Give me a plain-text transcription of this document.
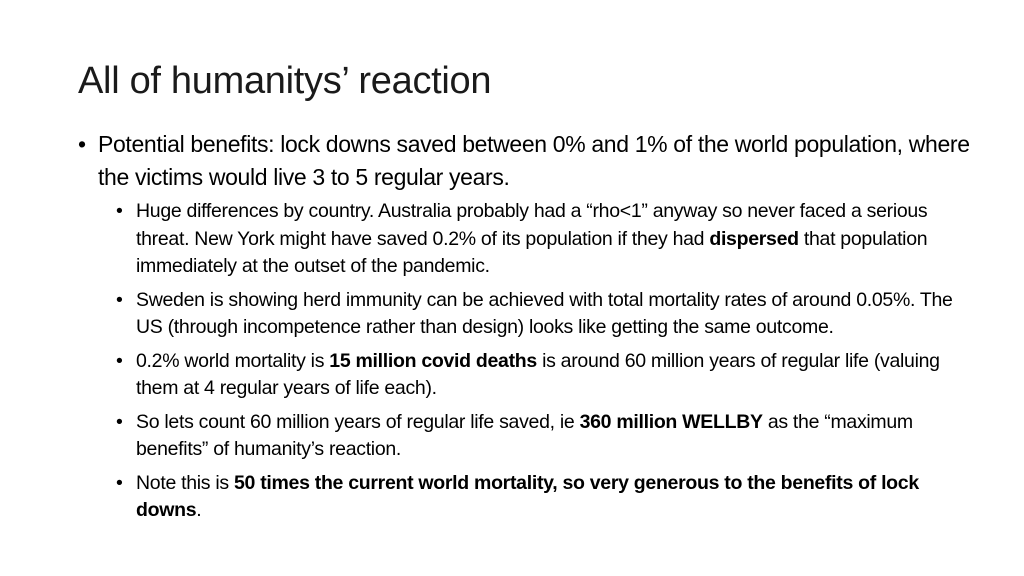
All of humanitys’ reaction
• Potential benefits: lock downs saved between 0% and 1% of the world population, where the victims would live 3 to 5 regular years.
• Huge differences by country. Australia probably had a “rho<1” anyway so never faced a serious threat. New York might have saved 0.2% of its population if they had dispersed that population immediately at the outset of the pandemic.
• Sweden is showing herd immunity can be achieved with total mortality rates of around 0.05%. The US (through incompetence rather than design) looks like getting the same outcome.
• 0.2% world mortality is 15 million covid deaths is around 60 million years of regular life (valuing them at 4 regular years of life each).
• So lets count 60 million years of regular life saved, ie 360 million WELLBY as the “maximum benefits” of humanity’s reaction.
• Note this is 50 times the current world mortality, so very generous to the benefits of lock downs.
